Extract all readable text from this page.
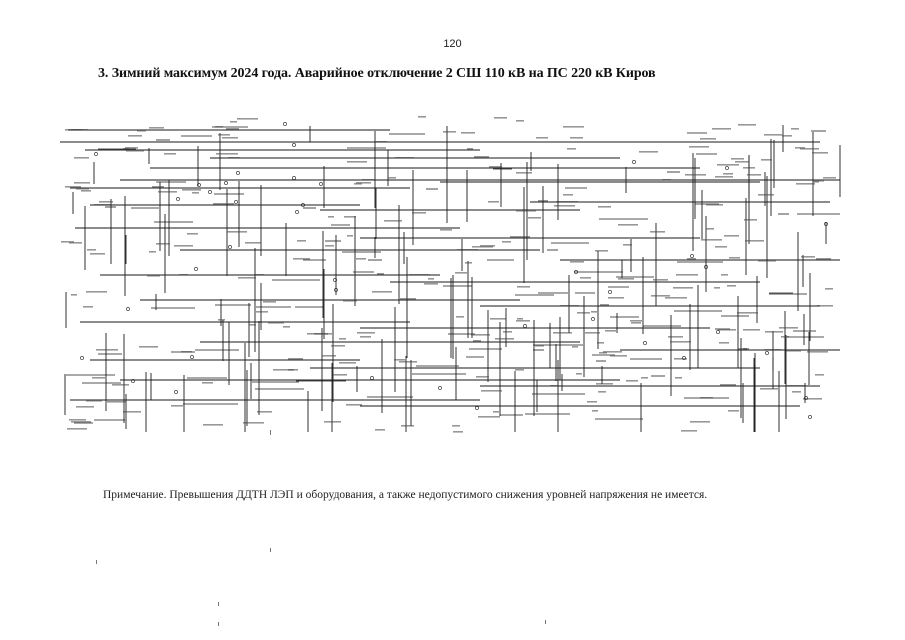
120
3. Зимний максимум 2024 года. Аварийное отключение 2 СШ 110 кВ на ПС 220 кВ Киров
Примечание. Превышения ДДТН ЛЭП и оборудования, а также недопустимого снижения уровней напряжения не имеется.
